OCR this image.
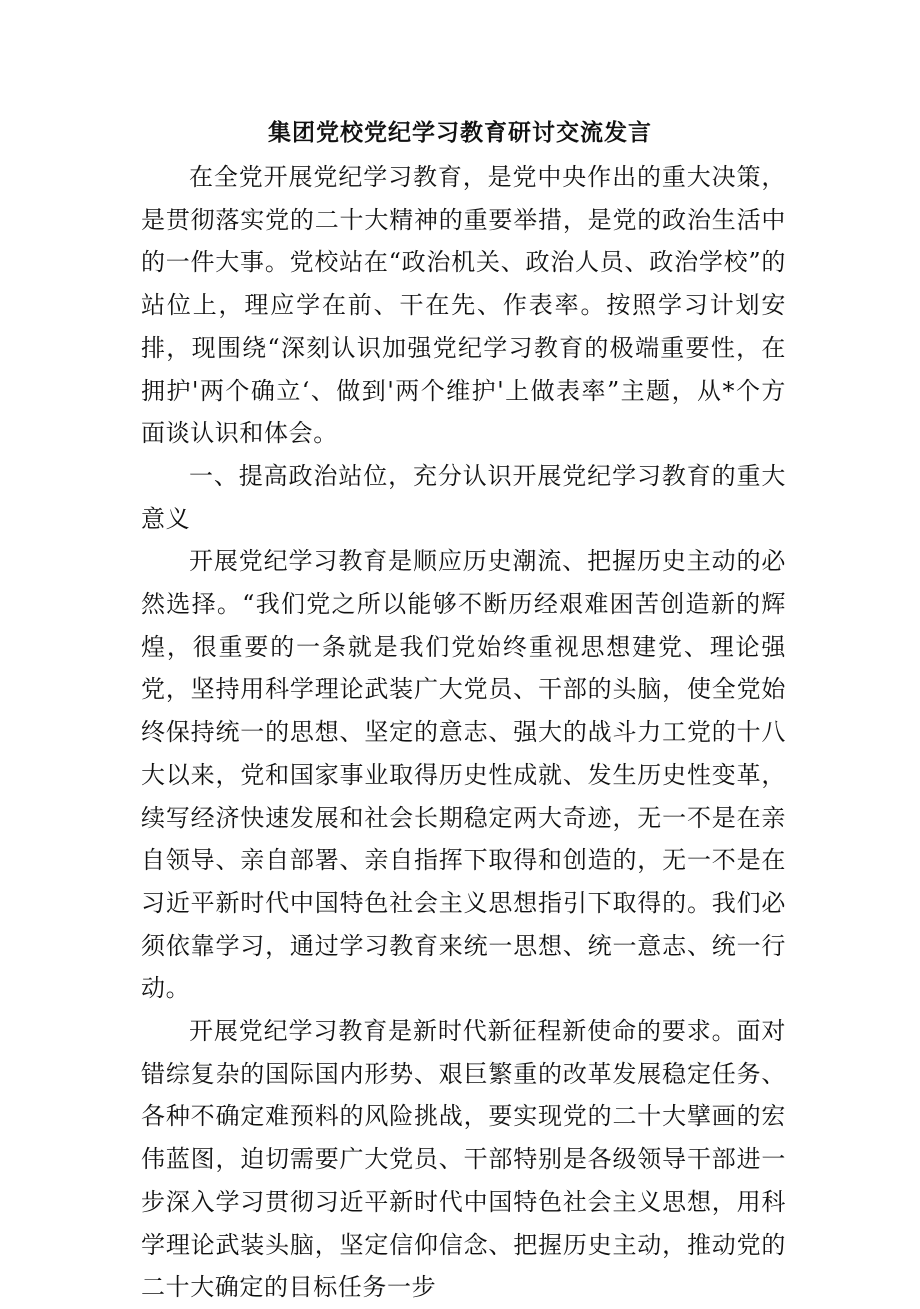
集团党校党纪学习教育研讨交流发言

在全党开展党纪学习教育，是党中央作出的重大决策，是贯彻落实党的二十大精神的重要举措，是党的政治生活中的一件大事。党校站在“政治机关、政治人员、政治学校”的站位上，理应学在前、干在先、作表率。按照学习计划安排，现围绕“深刻认识加强党纪学习教育的极端重要性，在拥护'两个确立‘、做到'两个维护'上做表率”主题，从*个方面谈认识和体会。

一、提高政治站位，充分认识开展党纪学习教育的重大意义

开展党纪学习教育是顺应历史潮流、把握历史主动的必然选择。“我们党之所以能够不断历经艰难困苦创造新的辉煌，很重要的一条就是我们党始终重视思想建党、理论强党，坚持用科学理论武装广大党员、干部的头脑，使全党始终保持统一的思想、坚定的意志、强大的战斗力工党的十八大以来，党和国家事业取得历史性成就、发生历史性变革，续写经济快速发展和社会长期稳定两大奇迹，无一不是在亲自领导、亲自部署、亲自指挥下取得和创造的，无一不是在习近平新时代中国特色社会主义思想指引下取得的。我们必须依靠学习，通过学习教育来统一思想、统一意志、统一行动。

开展党纪学习教育是新时代新征程新使命的要求。面对错综复杂的国际国内形势、艰巨繁重的改革发展稳定任务、各种不确定难预料的风险挑战，要实现党的二十大擘画的宏伟蓝图，迫切需要广大党员、干部特别是各级领导干部进一步深入学习贯彻习近平新时代中国特色社会主义思想，用科学理论武装头脑，坚定信仰信念、把握历史主动，推动党的二十大确定的目标任务一步
